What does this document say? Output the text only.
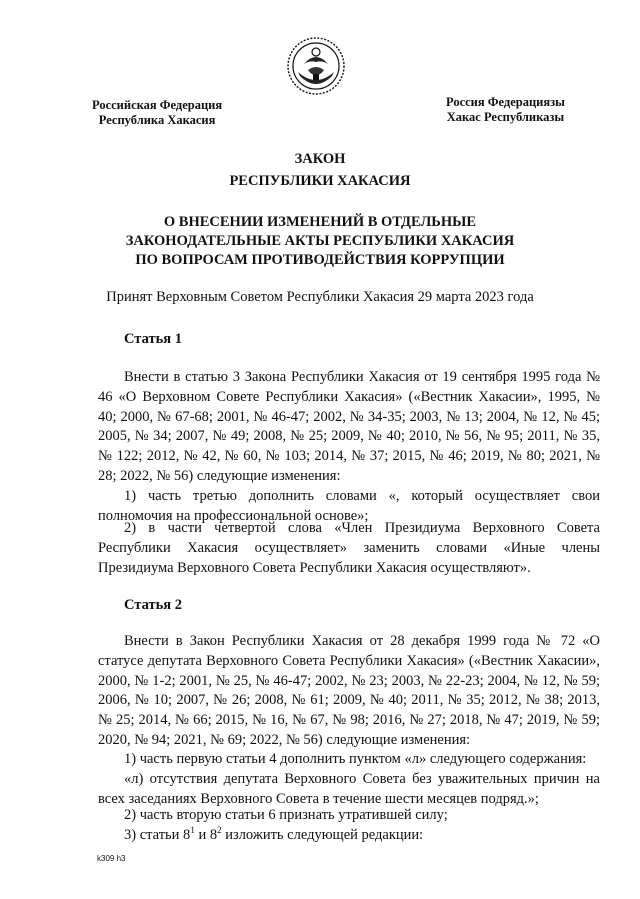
Российская Федерация
Республика Хакасия
Россия Федерациязы
Хакас Республиказы
ЗАКОН
РЕСПУБЛИКИ ХАКАСИЯ
О ВНЕСЕНИИ ИЗМЕНЕНИЙ В ОТДЕЛЬНЫЕ
ЗАКОНОДАТЕЛЬНЫЕ АКТЫ РЕСПУБЛИКИ ХАКАСИЯ
ПО ВОПРОСАМ ПРОТИВОДЕЙСТВИЯ КОРРУПЦИИ
Принят Верховным Советом Республики Хакасия 29 марта 2023 года
Статья 1

Внести в статью 3 Закона Республики Хакасия от 19 сентября 1995 года № 46 «О Верховном Совете Республики Хакасия» («Вестник Хакасии», 1995, № 40; 2000, № 67-68; 2001, № 46-47; 2002, № 34-35; 2003, № 13; 2004, № 12, № 45; 2005, № 34; 2007, № 49; 2008, № 25; 2009, № 40; 2010, № 56, № 95; 2011, № 35, № 122; 2012, № 42, № 60, № 103; 2014, № 37; 2015, № 46; 2019, № 80; 2021, № 28; 2022, № 56) следующие изменения:

1) часть третью дополнить словами «, который осуществляет свои полномочия на профессиональной основе»;

2) в части четвертой слова «Член Президиума Верховного Совета Республики Хакасия осуществляет» заменить словами «Иные члены Президиума Верховного Совета Республики Хакасия осуществляют».

Статья 2

Внести в Закон Республики Хакасия от 28 декабря 1999 года № 72 «О статусе депутата Верховного Совета Республики Хакасия» («Вестник Хакасии», 2000, № 1-2; 2001, № 25, № 46-47; 2002, № 23; 2003, № 22-23; 2004, № 12, № 59; 2006, № 10; 2007, № 26; 2008, № 61; 2009, № 40; 2011, № 35; 2012, № 38; 2013, № 25; 2014, № 66; 2015, № 16, № 67, № 98; 2016, № 27; 2018, № 47; 2019, № 59; 2020, № 94; 2021, № 69; 2022, № 56) следующие изменения:

1) часть первую статьи 4 дополнить пунктом «л» следующего содержания:

«л) отсутствия депутата Верховного Совета без уважительных причин на всех заседаниях Верховного Совета в течение шести месяцев подряд.»;

2) часть вторую статьи 6 признать утратившей силу;

3) статьи $8^1$ и $8^2$ изложить следующей редакции:

k309 h3
